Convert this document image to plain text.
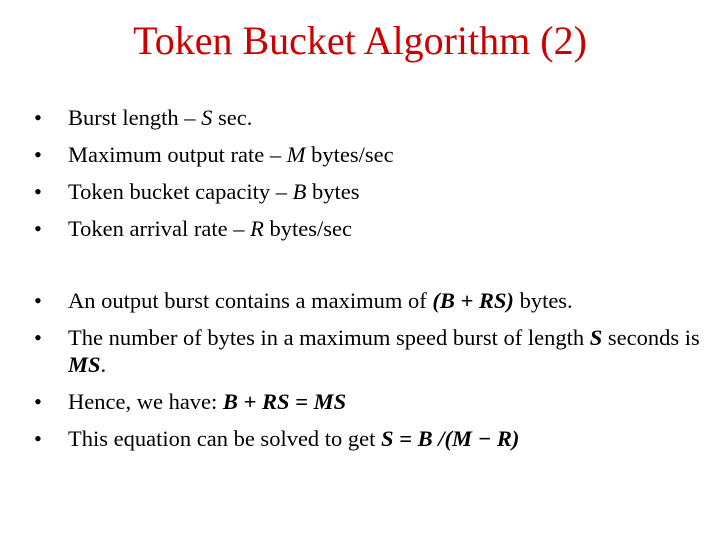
Token Bucket Algorithm (2)
• Burst length – S sec.
• Maximum output rate – M bytes/sec
• Token bucket capacity – B bytes
• Token arrival rate – R bytes/sec
• An output burst contains a maximum of (B + RS) bytes.
• The number of bytes in a maximum speed burst of length S seconds is MS.
• Hence, we have: B + RS = MS
• This equation can be solved to get S = B /(M − R)
